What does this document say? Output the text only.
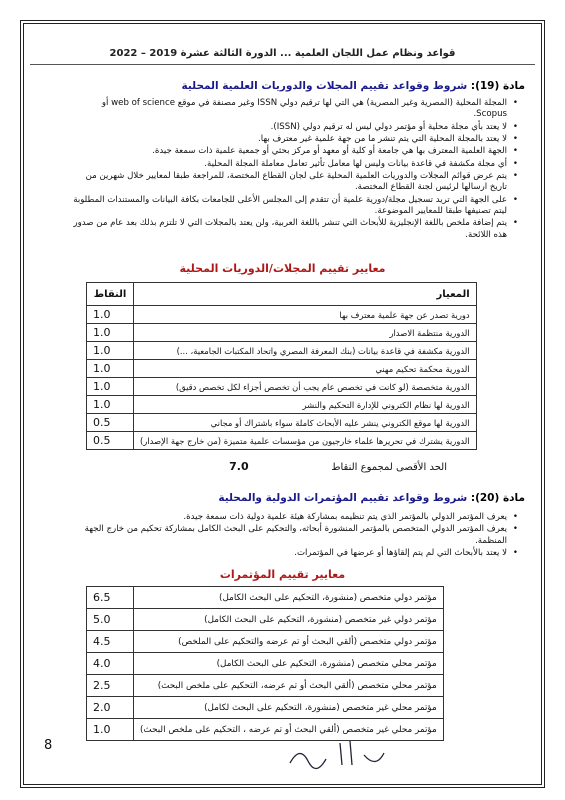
قواعد ونظام عمل اللجان العلمية ... الدورة الثالثة عشرة 2019 – 2022
مادة (19): شروط وقواعد تقييم المجلات والدوريات العلمية المحلية
• المجلة المحلية (المصرية وغير المصرية) هي التي لها ترقيم دولي ISSN وغير مصنفة في موقع web of science أو Scopus.
• لا يعتد بأي مجلة محلية أو مؤتمر دولي ليس له ترقيم دولي (ISSN).
• لا يعتد بالمجلة المحلية التي يتم تنشر ما من جهة علمية غير معترف بها.
• الجهة العلمية المعترف بها هي جامعة أو كلية أو معهد أو مركز بحثي أو جمعية علمية ذات سمعة جيدة.
• أي مجلة مكشفة في قاعدة بيانات وليس لها معامل تأثير تعامل معاملة المجلة المحلية.
• يتم عرض قوائم المجلات والدوريات العلمية المحلية على لجان القطاع المختصة، للمراجعة طبقا لمعايير خلال شهرين من تاريخ ارسالها لرئيس لجنة القطاع المختصة.
• على الجهة التي تريد تسجيل مجلة/دورية علمية أن تتقدم إلى المجلس الأعلى للجامعات بكافة البيانات والمستندات المطلوبة ليتم تصنيفها طبقا للمعايير الموضوعة.
• يتم إضافة ملخص باللغة الإنجليزية للأبحاث التي تنشر باللغة العربية، ولن يعتد بالمجلات التي لا تلتزم بذلك بعد عام من صدور هذه اللائحة.
معايير تقييم المجلات/الدوريات المحلية
المعيار	النقاط
دورية تصدر عن جهة علمية معترف بها	1.0
الدورية منتظمة الاصدار	1.0
الدورية مكشفة في قاعدة بيانات (بنك المعرفة المصري واتحاد المكتبات الجامعية، ...)	1.0
الدورية محكمة تحكيم مهني	1.0
الدورية متخصصة (لو كانت في تخصص عام يجب أن تخصص أجزاء لكل تخصص دقيق)	1.0
الدورية لها نظام الكتروني للإدارة التحكيم والنشر	1.0
الدورية لها موقع الكتروني ينشر عليه الأبحاث كاملة سواء باشتراك أو مجاني	0.5
الدورية يشترك في تحريرها علماء خارجيون من مؤسسات علمية متميزة (من خارج جهة الإصدار)	0.5
الحد الأقصى لمجموع النقاط                          7.0
مادة (20): شروط وقواعد تقييم المؤتمرات الدولية والمحلية
• يعرف المؤتمر الدولي بالمؤتمر الذي يتم تنظيمه بمشاركة هيئة علمية دولية ذات سمعة جيدة.
• يعرف المؤتمر الدولي المتخصص بالمؤتمر المنشورة أبحاثه، والتحكيم على البحث الكامل بمشاركة تحكيم من خارج الجهة المنظمة.
• لا يعتد بالأبحاث التي لم يتم إلقاؤها أو عرضها في المؤتمرات.
معايير تقييم المؤتمرات
مؤتمر دولي متخصص (منشورة، التحكيم على البحث الكامل)	6.5
مؤتمر دولي غير متخصص (منشورة، التحكيم على البحث الكامل)	5.0
مؤتمر دولي متخصص (ألقي البحث أو تم عرضه والتحكيم على الملخص)	4.5
مؤتمر محلي متخصص (منشورة، التحكيم على البحث الكامل)	4.0
مؤتمر محلي متخصص (ألقي البحث أو تم عرضه، التحكيم على ملخص البحث)	2.5
مؤتمر محلي غير متخصص (منشورة، التحكيم على البحث لكامل)	2.0
مؤتمر محلي غير متخصص (ألقي البحث أو تم عرضه ، التحكيم على ملخص البحث)	1.0
8
